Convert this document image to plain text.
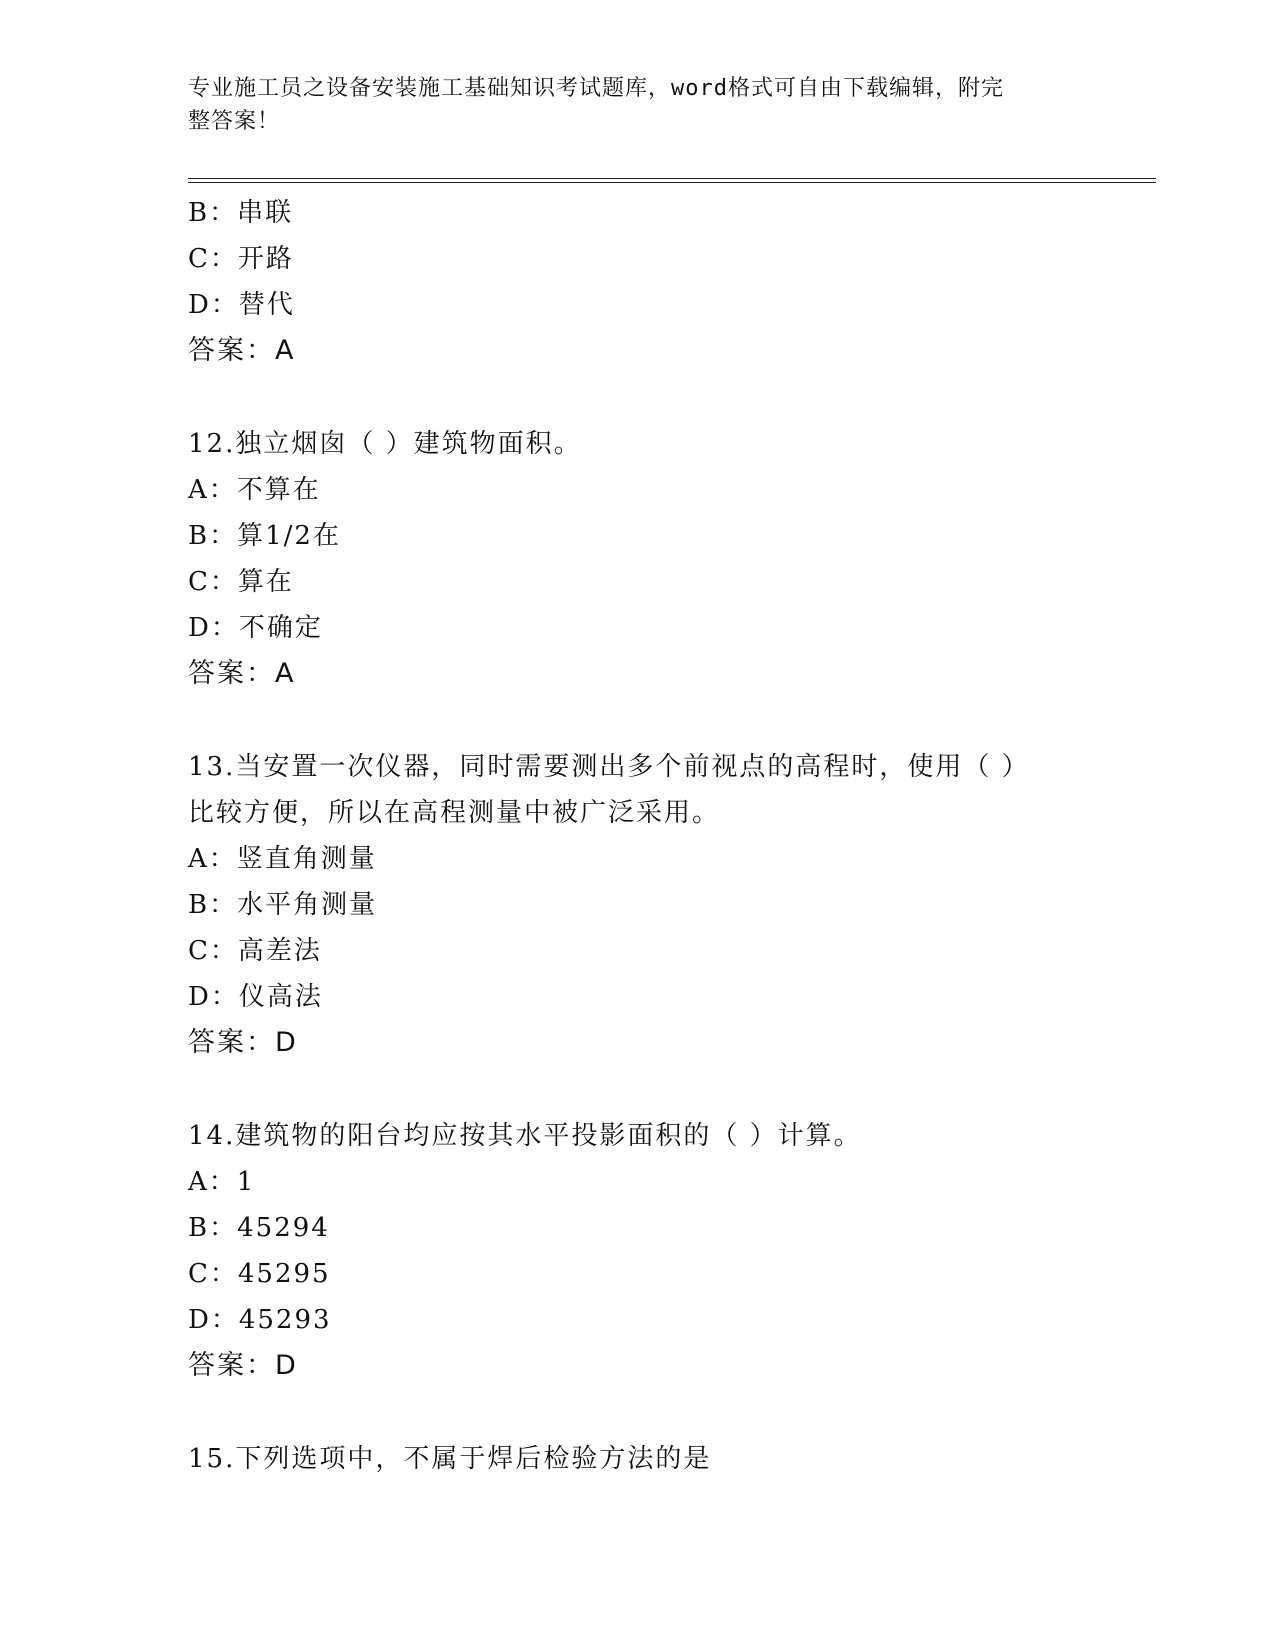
专业施工员之设备安装施工基础知识考试题库，word格式可自由下载编辑，附完
整答案！
B：串联
C：开路
D：替代
答案：A
12.独立烟囱（ ）建筑物面积。
A：不算在
B：算1/2在
C：算在
D：不确定
答案：A
13.当安置一次仪器，同时需要测出多个前视点的高程时，使用（ ）
比较方便，所以在高程测量中被广泛采用。
A：竖直角测量
B：水平角测量
C：高差法
D：仪高法
答案：D
14.建筑物的阳台均应按其水平投影面积的（ ）计算。
A：1
B：45294
C：45295
D：45293
答案：D
15.下列选项中，不属于焊后检验方法的是
